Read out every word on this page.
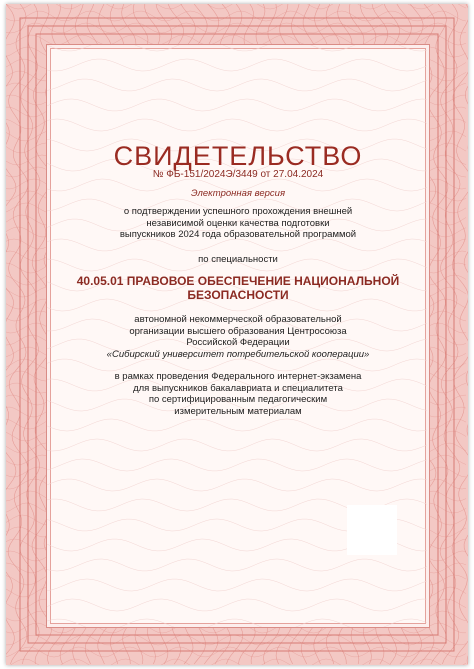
СВИДЕТЕЛЬСТВО
№ ФБ-151/2024Э/3449 от 27.04.2024
Электронная версия
о подтверждении успешного прохождения внешней
независимой оценки качества подготовки
выпускников 2024 года образовательной программой
по специальности
40.05.01 ПРАВОВОЕ ОБЕСПЕЧЕНИЕ НАЦИОНАЛЬНОЙ
БЕЗОПАСНОСТИ
автономной некоммерческой образовательной
организации высшего образования Центросоюза
Российской Федерации
«Сибирский университет потребительской кооперации»
в рамках проведения Федерального интернет-экзамена
для выпускников бакалавриата и специалитета
по сертифицированным педагогическим
измерительным материалам
